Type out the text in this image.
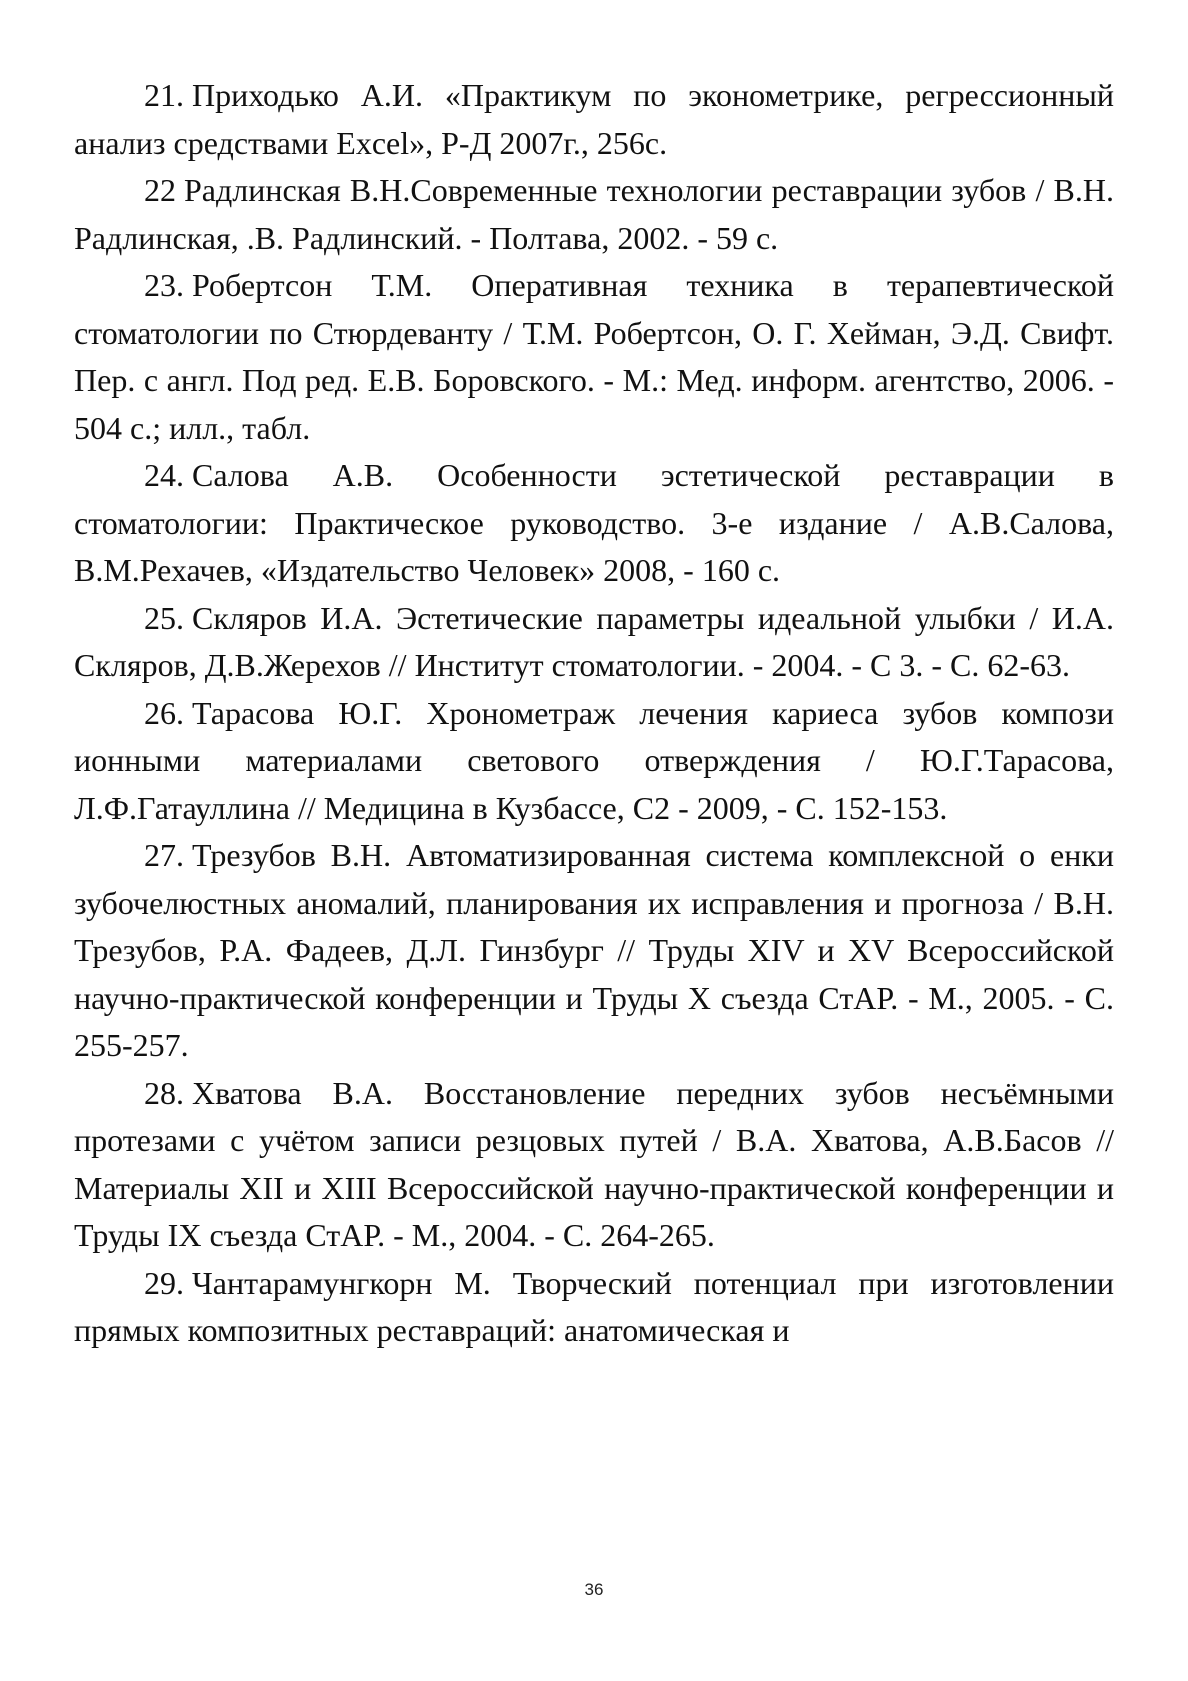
21. Приходько А.И. «Практикум по эконометрике, регрессионный анализ средствами Excel», Р-Д 2007г., 256с.

22 Радлинская В.Н.Современные технологии реставрации зубов / В.Н. Радлинская, .В. Радлинский. - Полтава, 2002. - 59 с.

23. Робертсон Т.М. Оперативная техника в терапевтической стоматологии по Стюрдеванту / Т.М. Робертсон, О. Г. Хейман, Э.Д. Свифт. Пер. с англ. Под ред. Е.В. Боровского. - М.: Мед. информ. агентство, 2006. - 504 с.; илл., табл.

24. Салова А.В. Особенности эстетической реставрации в стоматологии: Практическое руководство. 3-е издание / А.В.Салова, В.М.Рехачев, «Издательство Человек» 2008, - 160 с.

25. Скляров И.А. Эстетические параметры идеальной улыбки / И.А. Скляров, Д.В.Жерехов // Институт стоматологии. - 2004. - С 3. - С. 62-63.

26. Тарасова Ю.Г. Хронометраж лечения кариеса зубов компози ионными материалами светового отверждения / Ю.Г.Тарасова, Л.Ф.Гатауллина // Медицина в Кузбассе, С2 - 2009, - С. 152-153.

27. Трезубов В.Н. Автоматизированная система комплексной о енки зубочелюстных аномалий, планирования их исправления и прогноза / В.Н. Трезубов, Р.А. Фадеев, Д.Л. Гинзбург // Труды XIV и XV Всероссийской научно-практической конференции и Труды X съезда СтАР. - М., 2005. - С. 255-257.

28. Хватова В.А. Восстановление передних зубов несъёмными протезами с учётом записи резцовых путей / В.А. Хватова, А.В.Басов // Материалы XII и XIII Всероссийской научно-практической конференции и Труды IX съезда СтАР. - М., 2004. - С. 264-265.

29. Чантарамунгкорн М. Творческий потенциал при изготовлении прямых композитных реставраций: анатомическая и

36
